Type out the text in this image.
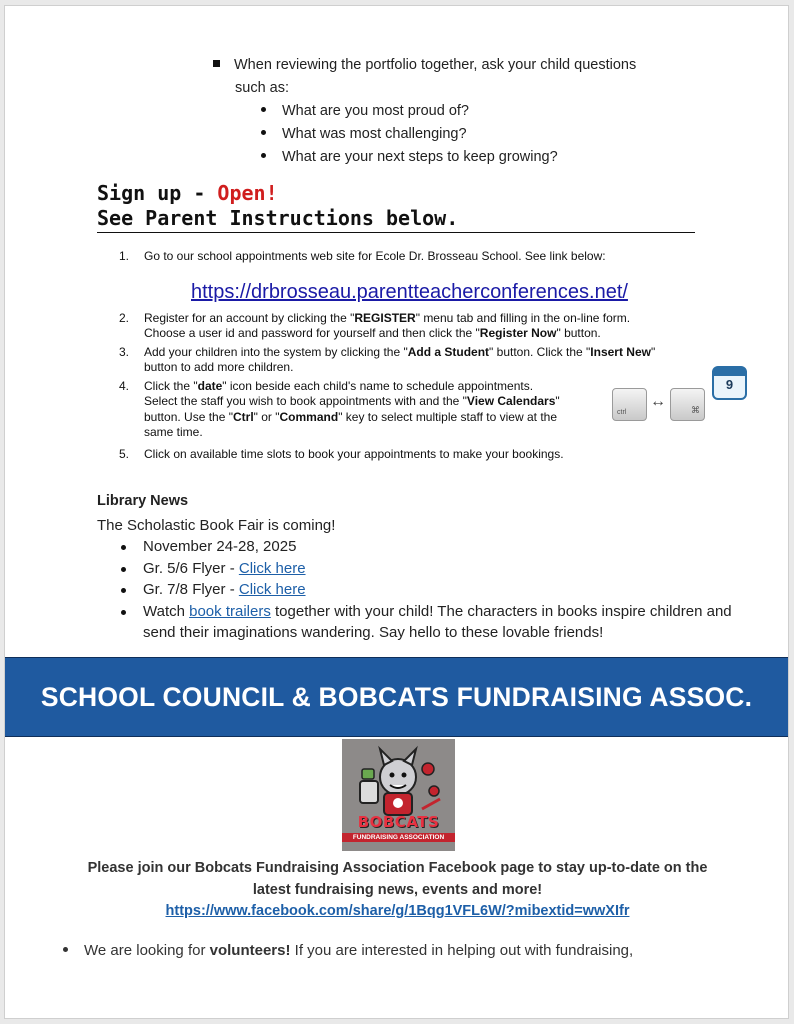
When reviewing the portfolio together, ask your child questions
such as:
What are you most proud of?
What was most challenging?
What are your next steps to keep growing?
Sign up - Open!
See Parent Instructions below.
1.	Go to our school appointments web site for Ecole Dr. Brosseau School. See link below:
https://drbrosseau.parentteacherconferences.net/
2.	Register for an account by clicking the "REGISTER" menu tab and filling in the on-line form.
Choose a user id and password for yourself and then click the "Register Now" button.
3.	Add your children into the system by clicking the "Add a Student" button. Click the "Insert New"
button to add more children.
4.	Click the "date" icon beside each child's name to schedule appointments.
Select the staff you wish to book appointments with and the "View Calendars"
button. Use the "Ctrl" or "Command" key to select multiple staff to view at the
same time.
5.	Click on available time slots to book your appointments to make your bookings.
ctrl
↔	⌘
9
Library News
The Scholastic Book Fair is coming!
November 24-28, 2025
Gr. 5/6 Flyer - Click here
Gr. 7/8 Flyer - Click here
Watch book trailers together with your child! The characters in books inspire children and send their imaginations wandering. Say hello to these lovable friends!
SCHOOL COUNCIL & BOBCATS FUNDRAISING ASSOC.
BOBCATS
FUNDRAISING ASSOCIATION
Please join our Bobcats Fundraising Association Facebook page to stay up-to-date on the
latest fundraising news, events and more!
https://www.facebook.com/share/g/1Bqg1VFL6W/?mibextid=wwXIfr
We are looking for volunteers! If you are interested in helping out with fundraising,
